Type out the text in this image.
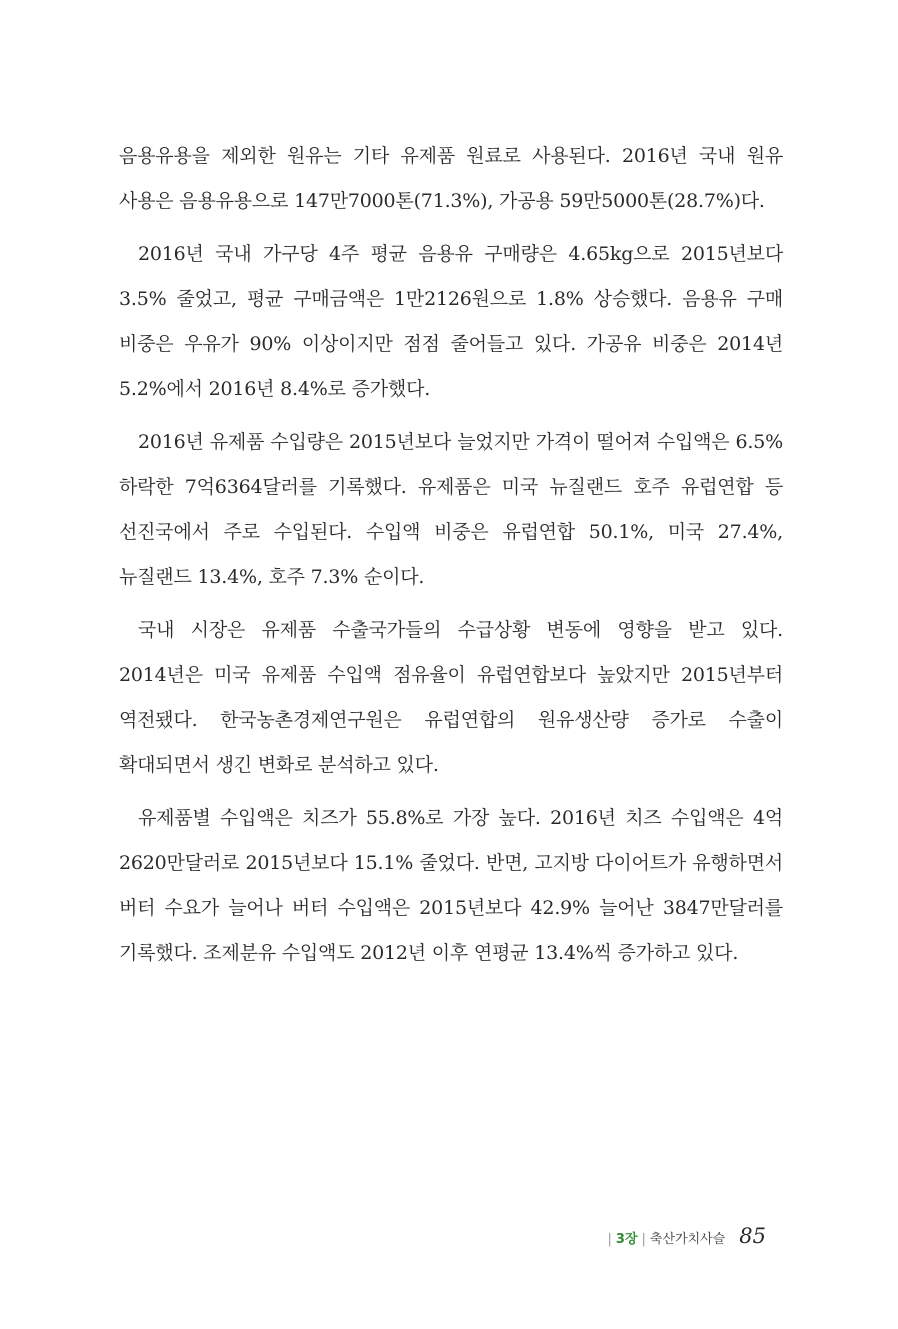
음용유용을 제외한 원유는 기타 유제품 원료로 사용된다. 2016년 국내 원유 사용은 음용유용으로 147만7000톤(71.3%), 가공용 59만5000톤(28.7%)다.

2016년 국내 가구당 4주 평균 음용유 구매량은 4.65kg으로 2015년보다 3.5% 줄었고, 평균 구매금액은 1만2126원으로 1.8% 상승했다. 음용유 구매 비중은 우유가 90% 이상이지만 점점 줄어들고 있다. 가공유 비중은 2014년 5.2%에서 2016년 8.4%로 증가했다.

2016년 유제품 수입량은 2015년보다 늘었지만 가격이 떨어져 수입액은 6.5% 하락한 7억6364달러를 기록했다. 유제품은 미국 뉴질랜드 호주 유럽연합 등 선진국에서 주로 수입된다. 수입액 비중은 유럽연합 50.1%, 미국 27.4%, 뉴질랜드 13.4%, 호주 7.3% 순이다.

국내 시장은 유제품 수출국가들의 수급상황 변동에 영향을 받고 있다. 2014년은 미국 유제품 수입액 점유율이 유럽연합보다 높았지만 2015년부터 역전됐다. 한국농촌경제연구원은 유럽연합의 원유생산량 증가로 수출이 확대되면서 생긴 변화로 분석하고 있다.

유제품별 수입액은 치즈가 55.8%로 가장 높다. 2016년 치즈 수입액은 4억 2620만달러로 2015년보다 15.1% 줄었다. 반면, 고지방 다이어트가 유행하면서 버터 수요가 늘어나 버터 수입액은 2015년보다 42.9% 늘어난 3847만달러를 기록했다. 조제분유 수입액도 2012년 이후 연평균 13.4%씩 증가하고 있다.

| 3장 | 축산가치사슬 85
